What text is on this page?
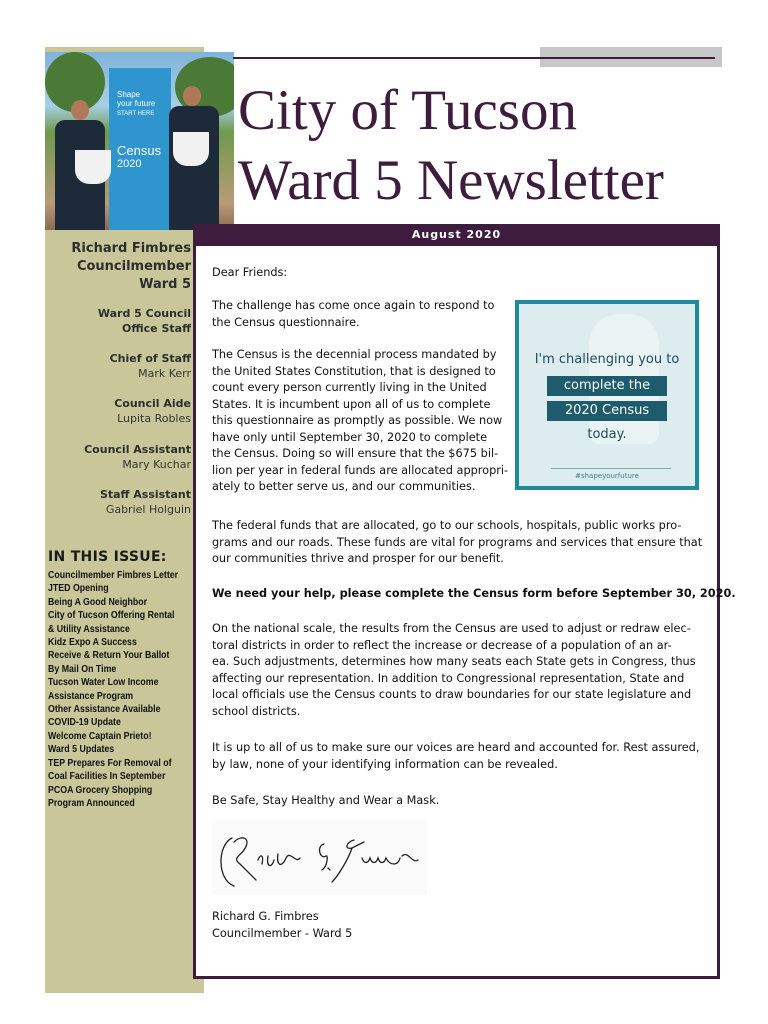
Shape
your future
START HERE
Census
2020
Richard Fimbres
Councilmember
Ward 5
Ward 5 Council
Office Staff
Chief of Staff
Mark Kerr
Council Aide
Lupita Robles
Council Assistant
Mary Kuchar
Staff Assistant
Gabriel Holguin
IN THIS ISSUE:
Councilmember Fimbres Letter
JTED Opening
Being A Good Neighbor
City of Tucson Offering Rental
& Utility Assistance
Kidz Expo A Success
Receive & Return Your Ballot
By Mail On Time
Tucson Water Low Income
Assistance Program
Other Assistance Available
COVID-19 Update
Welcome Captain Prieto!
Ward 5 Updates
TEP Prepares For Removal of
Coal Facilities In September
PCOA Grocery Shopping
Program Announced
City of Tucson
Ward 5 Newsletter
August 2020

Dear Friends:

The challenge has come once again to respond to
the Census questionnaire.
The Census is the decennial process mandated by
the United States Constitution, that is designed to
count every person currently living in the United
States. It is incumbent upon all of us to complete
this questionnaire as promptly as possible. We now
have only until September 30, 2020 to complete
the Census. Doing so will ensure that the $675 bil-
lion per year in federal funds are allocated appropri-
ately to better serve us, and our communities.
I'm challenging you to
complete the
2020 Census
today.
#shapeyourfuture
The federal funds that are allocated, go to our schools, hospitals, public works pro-
grams and our roads. These funds are vital for programs and services that ensure that
our communities thrive and prosper for our benefit.

We need your help, please complete the Census form before September 30, 2020.

On the national scale, the results from the Census are used to adjust or redraw elec-
toral districts in order to reflect the increase or decrease of a population of an ar-
ea. Such adjustments, determines how many seats each State gets in Congress, thus
affecting our representation. In addition to Congressional representation, State and
local officials use the Census counts to draw boundaries for our state legislature and
school districts.
It is up to all of us to make sure our voices are heard and accounted for. Rest assured,
by law, none of your identifying information can be revealed.

Be Safe, Stay Healthy and Wear a Mask.

Richard G. Fimbres
Councilmember - Ward 5
